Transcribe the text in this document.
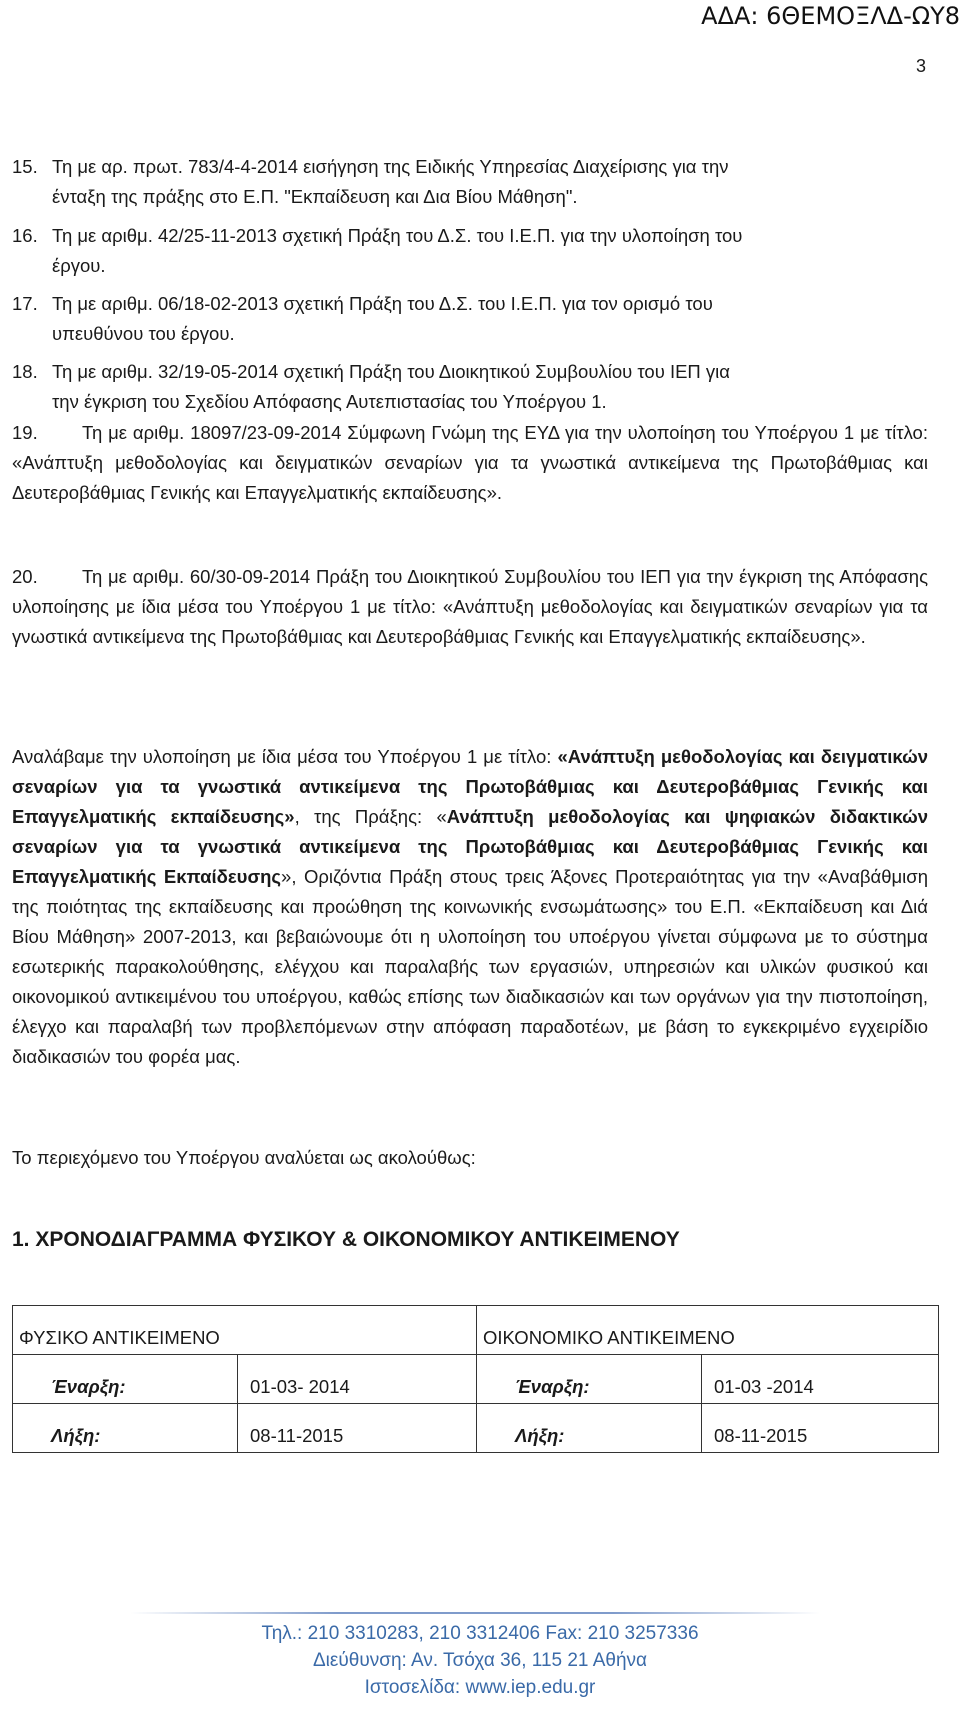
ΑΔΑ: 6ΘΕΜΟΞΛΔ-ΩΥ8
3
15. Τη με αρ. πρωτ. 783/4-4-2014 εισήγηση της Ειδικής Υπηρεσίας Διαχείρισης για την
ένταξη της πράξης στο Ε.Π. "Εκπαίδευση και Δια Βίου Μάθηση".
16. Τη με αριθμ. 42/25-11-2013 σχετική Πράξη του Δ.Σ. του Ι.Ε.Π. για την υλοποίηση του
έργου.
17. Τη με αριθμ. 06/18-02-2013 σχετική Πράξη του Δ.Σ. του Ι.Ε.Π. για τον ορισμό του
υπευθύνου του έργου.
18. Τη με αριθμ. 32/19-05-2014 σχετική Πράξη του Διοικητικού Συμβουλίου του ΙΕΠ για
την έγκριση του Σχεδίου Απόφασης Αυτεπιστασίας του Υποέργου 1.
19. Τη με αριθμ. 18097/23-09-2014 Σύμφωνη Γνώμη της ΕΥΔ για την υλοποίηση του Υποέργου 1 με τίτλο: «Ανάπτυξη μεθοδολογίας και δειγματικών σεναρίων για τα γνωστικά αντικείμενα της Πρωτοβάθμιας και Δευτεροβάθμιας Γενικής και Επαγγελματικής εκπαίδευσης».
20. Τη με αριθμ. 60/30-09-2014 Πράξη του Διοικητικού Συμβουλίου του ΙΕΠ για την έγκριση της Απόφασης υλοποίησης με ίδια μέσα του Υποέργου 1 με τίτλο: «Ανάπτυξη μεθοδολογίας και δειγματικών σεναρίων για τα γνωστικά αντικείμενα της Πρωτοβάθμιας και Δευτεροβάθμιας Γενικής και Επαγγελματικής εκπαίδευσης».
Αναλάβαμε την υλοποίηση με ίδια μέσα του Υποέργου 1 με τίτλο: «Ανάπτυξη μεθοδολογίας και δειγματικών σεναρίων για τα γνωστικά αντικείμενα της Πρωτοβάθμιας και Δευτεροβάθμιας Γενικής και Επαγγελματικής εκπαίδευσης», της Πράξης: «Ανάπτυξη μεθοδολογίας και ψηφιακών διδακτικών σεναρίων για τα γνωστικά αντικείμενα της Πρωτοβάθμιας και Δευτεροβάθμιας Γενικής και Επαγγελματικής Εκπαίδευσης», Οριζόντια Πράξη στους τρεις Άξονες Προτεραιότητας για την «Αναβάθμιση της ποιότητας της εκπαίδευσης και προώθηση της κοινωνικής ενσωμάτωσης» του Ε.Π. «Εκπαίδευση και Διά Βίου Μάθηση» 2007-2013, και βεβαιώνουμε ότι η υλοποίηση του υποέργου γίνεται σύμφωνα με το σύστημα εσωτερικής παρακολούθησης, ελέγχου και παραλαβής των εργασιών, υπηρεσιών και υλικών φυσικού και οικονομικού αντικειμένου του υποέργου, καθώς επίσης των διαδικασιών και των οργάνων για την πιστοποίηση, έλεγχο και παραλαβή των προβλεπόμενων στην απόφαση παραδοτέων, με βάση το εγκεκριμένο εγχειρίδιο διαδικασιών του φορέα μας.
Το περιεχόμενο του Υποέργου αναλύεται ως ακολούθως:
1. ΧΡΟΝΟΔΙΑΓΡΑΜΜΑ ΦΥΣΙΚΟΥ & ΟΙΚΟΝΟΜΙΚΟΥ ΑΝΤΙΚΕΙΜΕΝΟΥ
ΦΥΣΙΚΟ ΑΝΤΙΚΕΙΜΕΝΟ		ΟΙΚΟΝΟΜΙΚΟ ΑΝΤΙΚΕΙΜΕΝΟ	
Έναρξη:	01-03- 2014	Έναρξη:	01-03 -2014
Λήξη:	08-11-2015	Λήξη:	08-11-2015
Τηλ.: 210 3310283, 210 3312406 Fax: 210 3257336
Διεύθυνση: Αν. Τσόχα 36, 115 21 Αθήνα
Ιστοσελίδα: www.iep.edu.gr
